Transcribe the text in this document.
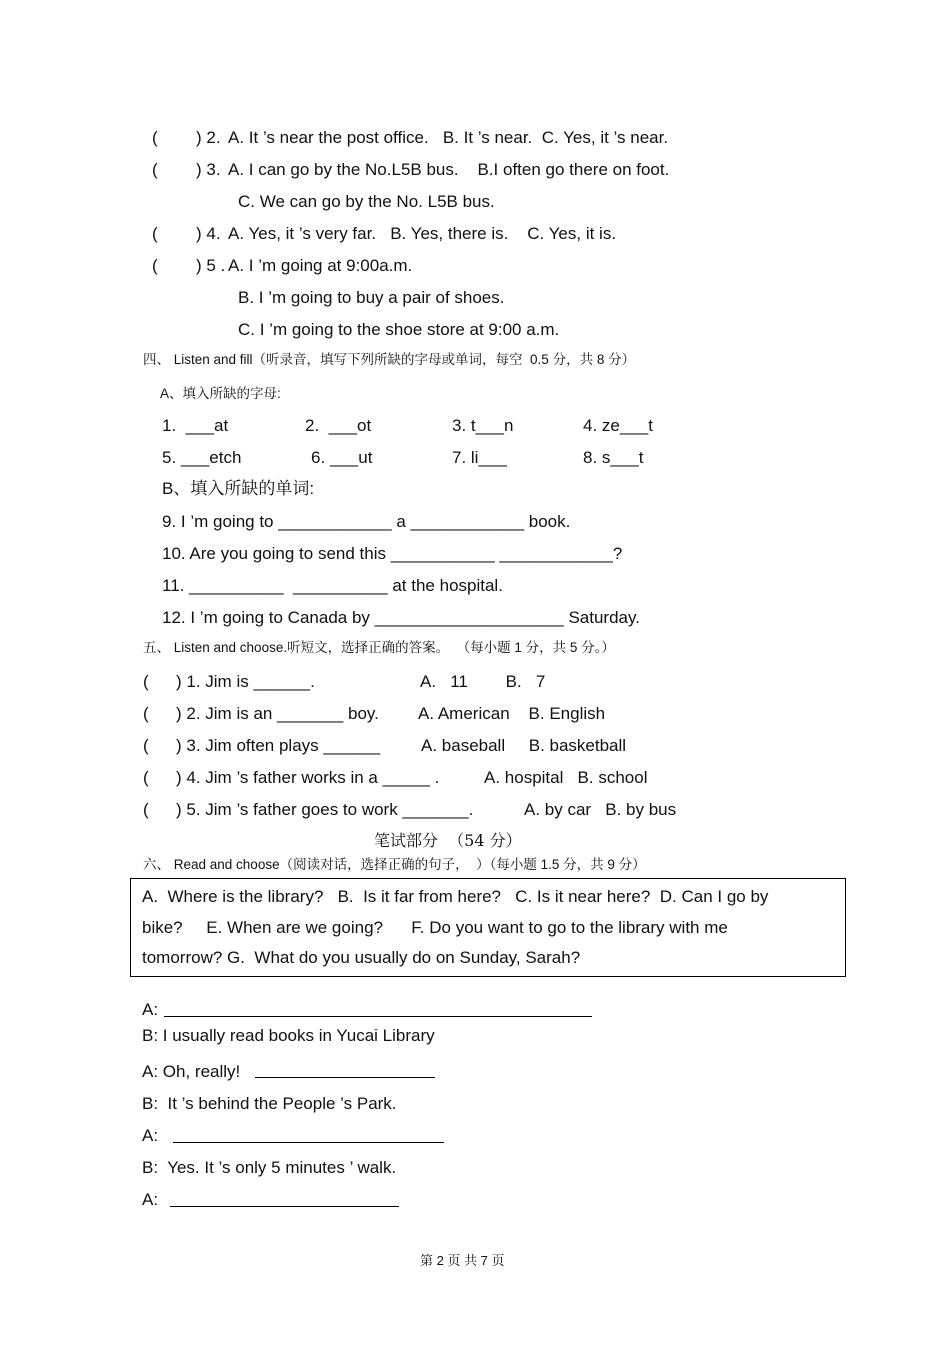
( ) 2. A. It ’s near the post office.   B. It ’s near.  C. Yes, it ’s near.
( ) 3. A. I can go by the No.L5B bus.    B.I often go there on foot.
C. We can go by the No. L5B bus.
( ) 4. A. Yes, it ’s very far.   B. Yes, there is.    C. Yes, it is.
( ) 5 . A. I ’m going at 9:00a.m.
B. I ’m going to buy a pair of shoes.
C. I ’m going to the shoe store at 9:00 a.m.
四、 Listen and fill（听录音，填写下列所缺的字母或单词，每空  0.5 分，共 8 分）
A、填入所缺的字母:
1.  ___at	2.  ___ot	3. t___n	4. ze___t
5. ___etch	6. ___ut	7. li___	8. s___t
B、填入所缺的单词:
9. I ’m going to ____________ a ____________ book.
10. Are you going to send this ___________ ____________?
11. __________  __________ at the hospital.
12. I ’m going to Canada by ____________________ Saturday.
五、 Listen and choose.听短文，选择正确的答案。  （每小题 1 分，共 5 分。）
( ) 1. Jim is ______.	A.   11        B.   7
( ) 2. Jim is an _______ boy. A. American    B. English
( ) 3. Jim often plays ______ A. baseball     B. basketball
( ) 4. Jim ’s father works in a _____ .	A. hospital   B. school
( ) 5. Jim ’s father goes to work _______.	A. by car   B. by bus
笔试部分  （54 分）
六、 Read and choose（阅读对话，选择正确的句子，  ）（每小题 1.5 分，共 9 分）
A.  Where is the library?   B.  Is it far from here?   C. Is it near here?  D. Can I go by
bike?     E. When are we going?      F. Do you want to go to the library with me
tomorrow? G.  What do you usually do on Sunday, Sarah?
A:
B: I usually read books in Yucai Library
A: Oh, really!
B:  It ’s behind the People ’s Park.
A:
B:  Yes. It ’s only 5 minutes ’ walk.
A:
第 2 页 共 7 页
